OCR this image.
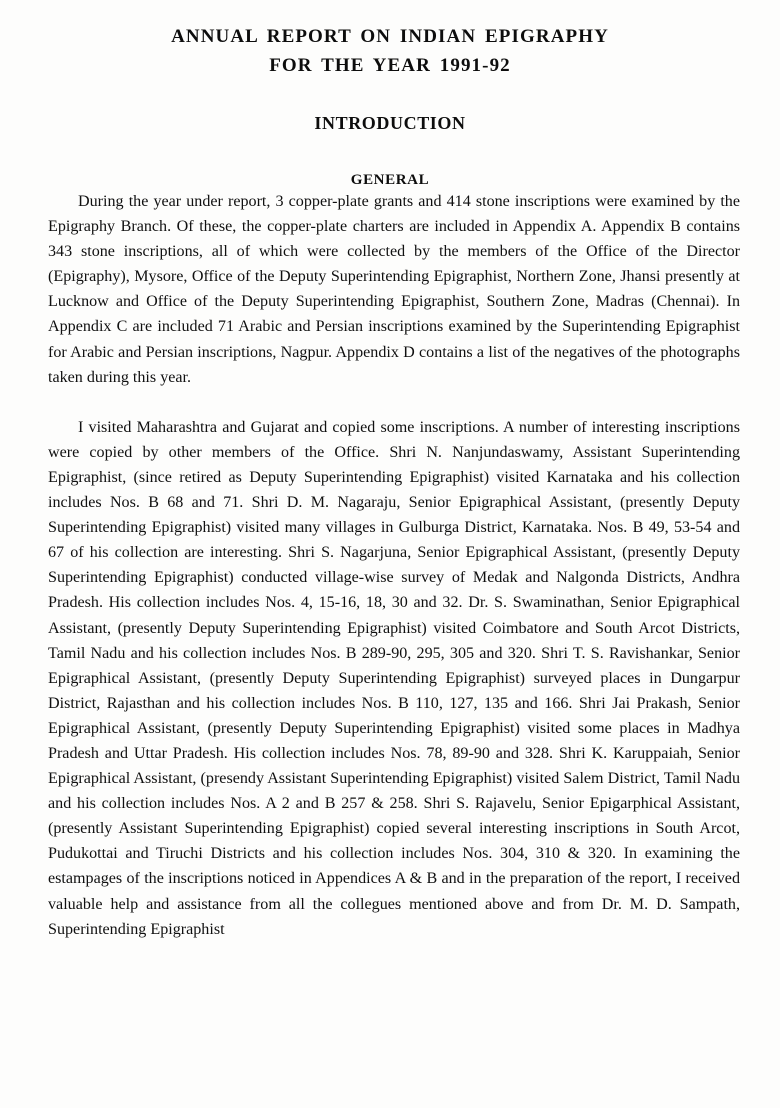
ANNUAL REPORT ON INDIAN EPIGRAPHY
FOR THE YEAR 1991-92
INTRODUCTION
GENERAL

During the year under report, 3 copper-plate grants and 414 stone inscriptions were examined by the Epigraphy Branch. Of these, the copper-plate charters are included in Appendix A. Appendix B contains 343 stone inscriptions, all of which were collected by the members of the Office of the Director (Epigraphy), Mysore, Office of the Deputy Superintending Epigraphist, Northern Zone, Jhansi presently at Lucknow and Office of the Deputy Superintending Epigraphist, Southern Zone, Madras (Chennai). In Appendix C are included 71 Arabic and Persian inscriptions examined by the Superintending Epigraphist for Arabic and Persian inscriptions, Nagpur. Appendix D contains a list of the negatives of the photographs taken during this year.

I visited Maharashtra and Gujarat and copied some inscriptions. A number of interesting inscriptions were copied by other members of the Office. Shri N. Nanjundaswamy, Assistant Superintending Epigraphist, (since retired as Deputy Superintending Epigraphist) visited Karnataka and his collection includes Nos. B 68 and 71. Shri D. M. Nagaraju, Senior Epigraphical Assistant, (presently Deputy Superintending Epigraphist) visited many villages in Gulburga District, Karnataka. Nos. B 49, 53-54 and 67 of his collection are interesting. Shri S. Nagarjuna, Senior Epigraphical Assistant, (presently Deputy Superintending Epigraphist) conducted village-wise survey of Medak and Nalgonda Districts, Andhra Pradesh. His collection includes Nos. 4, 15-16, 18, 30 and 32. Dr. S. Swaminathan, Senior Epigraphical Assistant, (presently Deputy Superintending Epigraphist) visited Coimbatore and South Arcot Districts, Tamil Nadu and his collection includes Nos. B 289-90, 295, 305 and 320. Shri T. S. Ravishankar, Senior Epigraphical Assistant, (presently Deputy Superintending Epigraphist) surveyed places in Dungarpur District, Rajasthan and his collection includes Nos. B 110, 127, 135 and 166. Shri Jai Prakash, Senior Epigraphical Assistant, (presently Deputy Superintending Epigraphist) visited some places in Madhya Pradesh and Uttar Pradesh. His collection includes Nos. 78, 89-90 and 328. Shri K. Karuppaiah, Senior Epigraphical Assistant, (presendy Assistant Superintending Epigraphist) visited Salem District, Tamil Nadu and his collection includes Nos. A 2 and B 257 & 258. Shri S. Rajavelu, Senior Epigarphical Assistant, (presently Assistant Superintending Epigraphist) copied several interesting inscriptions in South Arcot, Pudukottai and Tiruchi Districts and his collection includes Nos. 304, 310 & 320. In examining the estampages of the inscriptions noticed in Appendices A & B and in the preparation of the report, I received valuable help and assistance from all the collegues mentioned above and from Dr. M. D. Sampath, Superintending Epigraphist
